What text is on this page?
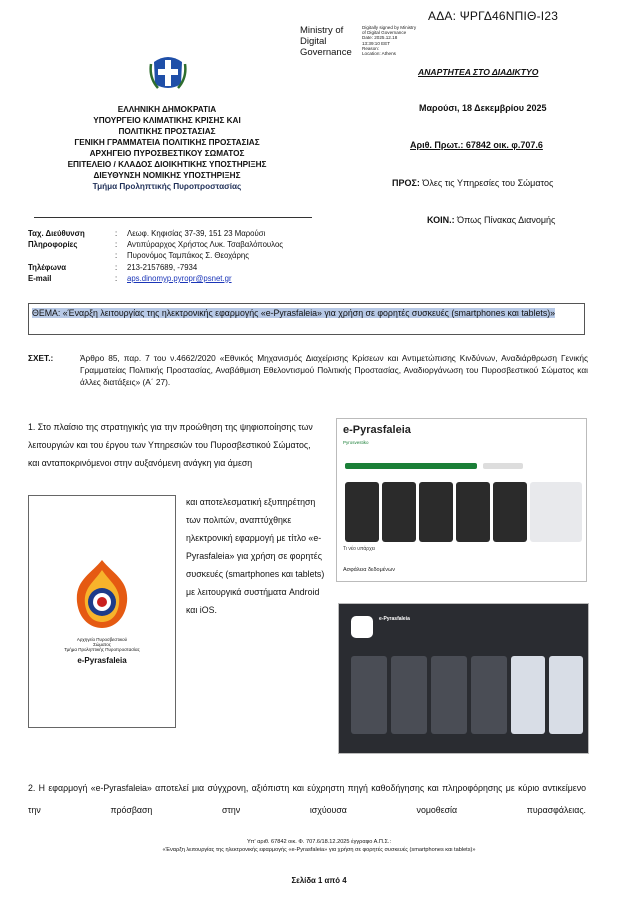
ΑΔΑ: ΨΡΓΔ46ΝΠΙΘ-Ι23
Ministry of
Digital
Governance
Digitally signed by Ministry
of Digital Governance
Date: 2025.12.18
13:39:10 EET
Reason:
Location: Athens
ΕΛΛΗΝΙΚΗ ΔΗΜΟΚΡΑΤΙΑ
ΥΠΟΥΡΓΕΙΟ ΚΛΙΜΑΤΙΚΗΣ ΚΡΙΣΗΣ ΚΑΙ
ΠΟΛΙΤΙΚΗΣ ΠΡΟΣΤΑΣΙΑΣ
ΓΕΝΙΚΗ ΓΡΑΜΜΑΤΕΙΑ ΠΟΛΙΤΙΚΗΣ ΠΡΟΣΤΑΣΙΑΣ
ΑΡΧΗΓΕΙΟ ΠΥΡΟΣΒΕΣΤΙΚΟΥ ΣΩΜΑΤΟΣ
ΕΠΙΤΕΛΕΙΟ / ΚΛΑΔΟΣ ΔΙΟΙΚΗΤΙΚΗΣ ΥΠΟΣΤΗΡΙΞΗΣ
ΔΙΕΥΘΥΝΣΗ ΝΟΜΙΚΗΣ ΥΠΟΣΤΗΡΙΞΗΣ
Τμήμα Προληπτικής Πυροπροστασίας
ΑΝΑΡΤΗΤΕΑ ΣΤΟ ΔΙΑΔΙΚΤΥΟ
Μαρούσι, 18 Δεκεμβρίου 2025
Αριθ. Πρωτ.: 67842 οικ. φ.707.6
ΠΡΟΣ: Όλες τις Υπηρεσίες του Σώματος
ΚΟΙΝ.: Όπως Πίνακας Διανομής
Ταχ. Διεύθυνση	:	Λεωφ. Κηφισίας 37-39, 151 23 Μαρούσι
Πληροφορίες	:	Αντιπύραρχος Χρήστος Λυκ. Τσαβαλόπουλος
:	Πυρονόμος Ταμπάκος Σ. Θεοχάρης
Τηλέφωνα	:	213-2157689, -7934
E-mail	:	aps.dinomyp.pyropr@psnet.gr
ΘΕΜΑ: «Έναρξη λειτουργίας της ηλεκτρονικής εφαρμογής «e-Pyrasfaleia» για χρήση σε φορητές συσκευές (smartphones και tablets)»
ΣΧΕΤ.:	Άρθρο 85, παρ. 7 του ν.4662/2020 «Εθνικός Μηχανισμός Διαχείρισης Κρίσεων και Αντιμετώπισης Κινδύνων, Αναδιάρθρωση Γενικής Γραμματείας Πολιτικής Προστασίας, Αναβάθμιση Εθελοντισμού Πολιτικής Προστασίας, Αναδιοργάνωση του Πυροσβεστικού Σώματος και άλλες διατάξεις» (Α΄ 27).
1. Στο πλαίσιο της στρατηγικής για την προώθηση της ψηφιοποίησης των λειτουργιών και του έργου των Υπηρεσιών του Πυροσβεστικού Σώματος, και ανταποκρινόμενοι στην αυξανόμενη ανάγκη για άμεση
και αποτελεσματική εξυπηρέτηση των πολιτών, αναπτύχθηκε ηλεκτρονική εφαρμογή με τίτλο «e-Pyrasfaleia» για χρήση σε φορητές συσκευές (smartphones και tablets) με λειτουργικά συστήματα Android και iOS.
Αρχηγείο Πυροσβεστικού
Σώματος
Τμήμα Προληπτικής Πυροπροστασίας
e-Pyrasfaleia
e-Pyrasfaleia
Pyrosvestiko
Τι νέο υπάρχει
Ασφάλεια δεδομένων
e-Pyrasfaleia
2. Η εφαρμογή «e-Pyrasfaleia» αποτελεί μια σύγχρονη, αξιόπιστη και εύχρηστη πηγή καθοδήγησης και πληροφόρησης με κύριο αντικείμενο την πρόσβαση στην ισχύουσα νομοθεσία πυρασφάλειας.
Υπ' αριθ. 67842 οικ. Φ. 707.6/18.12.2025 έγγραφο Α.Π.Σ.:
«Έναρξη λειτουργίας της ηλεκτρονικής εφαρμογής «e-Pyrasfaleia» για χρήση σε φορητές συσκευές (smartphones και tablets)»
Σελίδα 1 από 4
